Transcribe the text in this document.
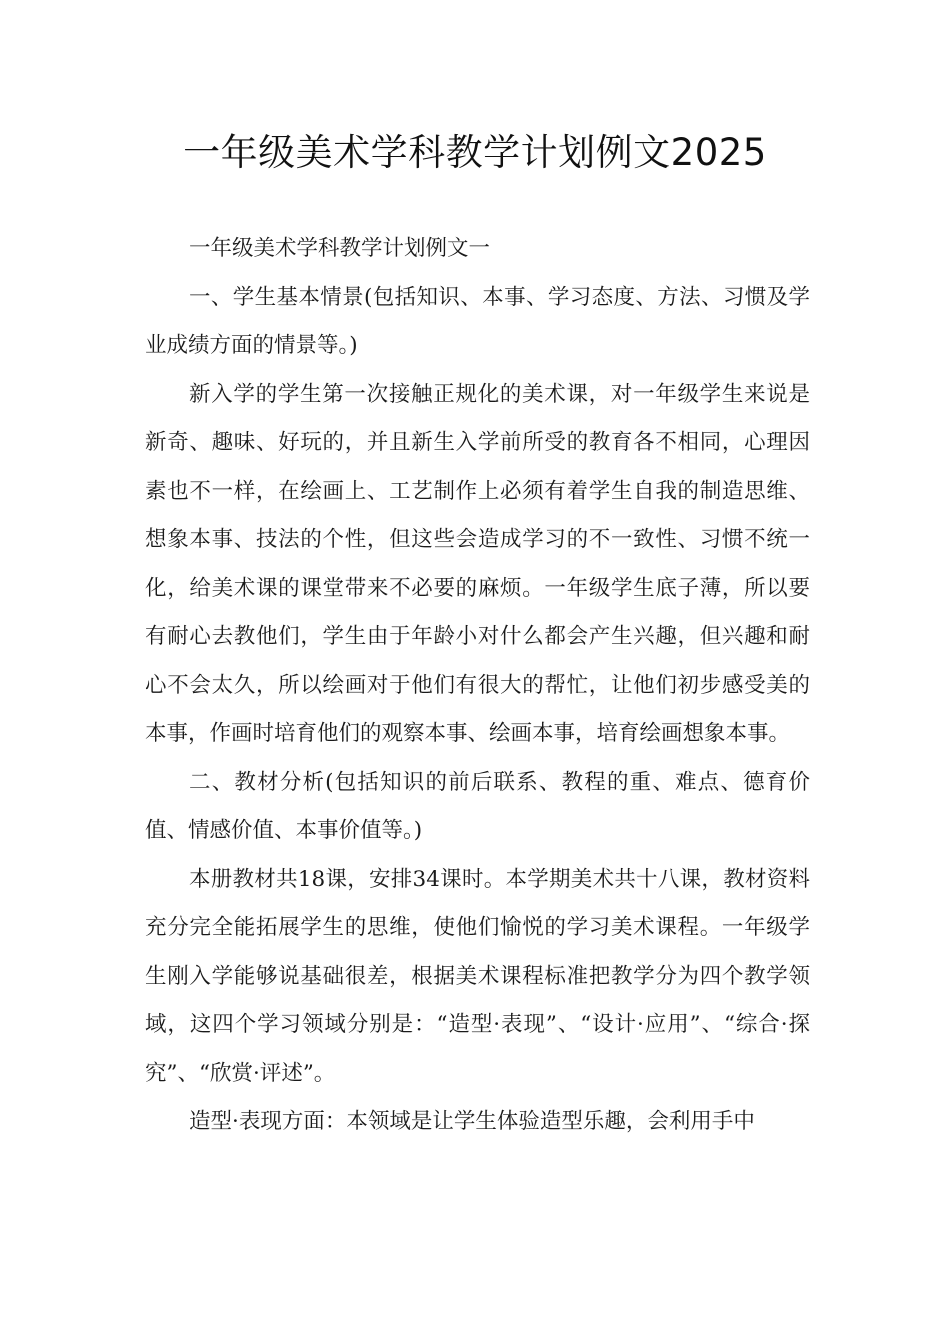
一年级美术学科教学计划例文2025

一年级美术学科教学计划例文一

一、学生基本情景(包括知识、本事、学习态度、方法、习惯及学业成绩方面的情景等。)

新入学的学生第一次接触正规化的美术课，对一年级学生来说是新奇、趣味、好玩的，并且新生入学前所受的教育各不相同，心理因素也不一样，在绘画上、工艺制作上必须有着学生自我的制造思维、想象本事、技法的个性，但这些会造成学习的不一致性、习惯不统一化，给美术课的课堂带来不必要的麻烦。一年级学生底子薄，所以要有耐心去教他们，学生由于年龄小对什么都会产生兴趣，但兴趣和耐心不会太久，所以绘画对于他们有很大的帮忙，让他们初步感受美的本事，作画时培育他们的观察本事、绘画本事，培育绘画想象本事。

二、教材分析(包括知识的前后联系、教程的重、难点、德育价值、情感价值、本事价值等。)

本册教材共18课，安排34课时。本学期美术共十八课，教材资料充分完全能拓展学生的思维，使他们愉悦的学习美术课程。一年级学生刚入学能够说基础很差，根据美术课程标准把教学分为四个教学领域，这四个学习领域分别是：“造型·表现”、“设计·应用”、“综合·探究”、“欣赏·评述”。

造型·表现方面：本领域是让学生体验造型乐趣，会利用手中
